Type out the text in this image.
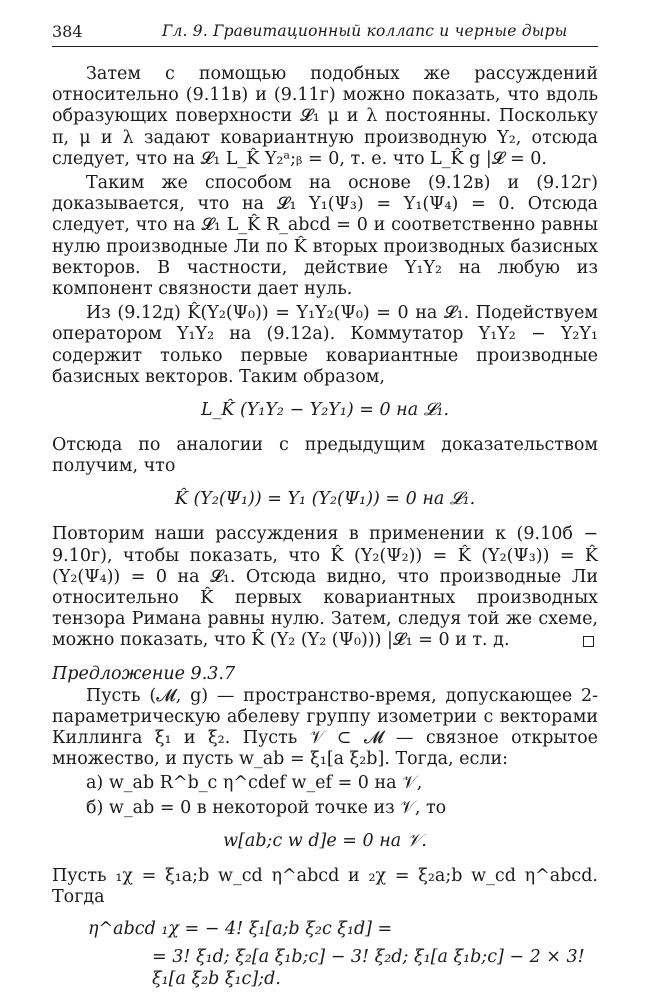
384	Гл. 9. Гравитационный коллапс и черные дыры

Затем с помощью подобных же рассуждений относительно (9.11в) и (9.11г) можно показать, что вдоль образующих поверхности 𝓛₁ μ и λ постоянны. Поскольку π, μ и λ задают ковариантную производную Y₂, отсюда следует, что на 𝓛₁ L_K̂ Y₂ᵃ;ᵦ = 0, т. е. что L_K̂ g |𝓛 = 0.

Таким же способом на основе (9.12в) и (9.12г) доказывается, что на 𝓛₁ Y₁(Ψ₃) = Y₁(Ψ₄) = 0. Отсюда следует, что на 𝓛₁ L_K̂ R_abcd = 0 и соответственно равны нулю производные Ли по K̂ вторых производных базисных векторов. В частности, действие Y₁Y₂ на любую из компонент связности дает нуль.

Из (9.12д) K̂(Y₂(Ψ₀)) = Y₁Y₂(Ψ₀) = 0 на 𝓛₁. Подействуем оператором Y₁Y₂ на (9.12а). Коммутатор Y₁Y₂ − Y₂Y₁ содержит только первые ковариантные производные базисных векторов. Таким образом,

L_K̂ (Y₁Y₂ − Y₂Y₁) = 0 на 𝓛₁.

Отсюда по аналогии с предыдущим доказательством получим, что

K̂ (Y₂(Ψ₁)) = Y₁ (Y₂(Ψ₁)) = 0 на 𝓛₁.

Повторим наши рассуждения в применении к (9.10б − 9.10г), чтобы показать, что K̂ (Y₂(Ψ₂)) = K̂ (Y₂(Ψ₃)) = K̂ (Y₂(Ψ₄)) = 0 на 𝓛₁. Отсюда видно, что производные Ли относительно K̂ первых ковариантных производных тензора Римана равны нулю. Затем, следуя той же схеме, можно показать, что K̂ (Y₂ (Y₂ (Ψ₀))) |𝓛₁ = 0 и т. д.

Предложение 9.3.7

Пусть (𝓜, g) — пространство-время, допускающее 2-параметрическую абелеву группу изометрии с векторами Киллинга ξ₁ и ξ₂. Пусть 𝒱 ⊂ 𝓜 — связное открытое множество, и пусть w_ab = ξ₁[a ξ₂b]. Тогда, если:

а) w_ab R^b_c η^cdef w_ef = 0 на 𝒱,

б) w_ab = 0 в некоторой точке из 𝒱, то

w[ab;c w d]e = 0 на 𝒱.

Пусть ₁χ = ξ₁a;b w_cd η^abcd и ₂χ = ξ₂a;b w_cd η^abcd. Тогда

η^abcd ₁χ = − 4! ξ₁[a;b ξ₂c ξ₁d] =
= 3! ξ₁d; ξ₂[a ξ₁b;c] − 3! ξ₂d; ξ₁[a ξ₁b;c] − 2 × 3! ξ₁[a ξ₂b ξ₁c];d.
